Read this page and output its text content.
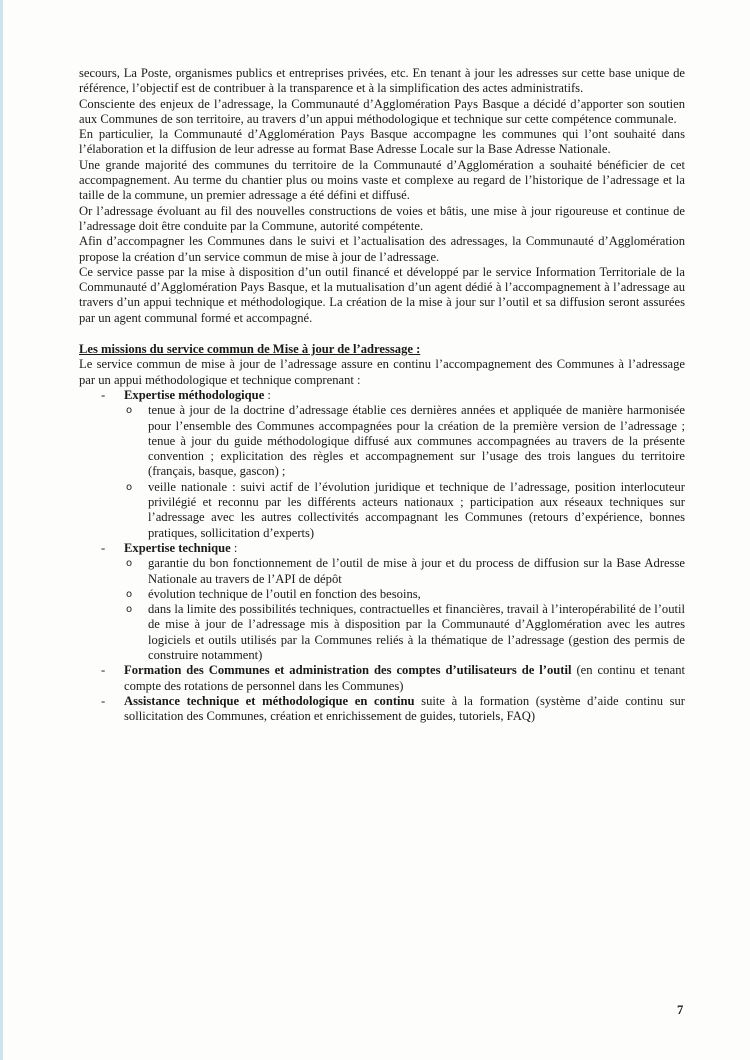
secours, La Poste, organismes publics et entreprises privées, etc. En tenant à jour les adresses sur cette base unique de référence, l’objectif est de contribuer à la transparence et à la simplification des actes administratifs.

Consciente des enjeux de l’adressage, la Communauté d’Agglomération Pays Basque a décidé d’apporter son soutien aux Communes de son territoire, au travers d’un appui méthodologique et technique sur cette compétence communale.

En particulier, la Communauté d’Agglomération Pays Basque accompagne les communes qui l’ont souhaité dans l’élaboration et la diffusion de leur adresse au format Base Adresse Locale sur la Base Adresse Nationale.

Une grande majorité des communes du territoire de la Communauté d’Agglomération a souhaité bénéficier de cet accompagnement. Au terme du chantier plus ou moins vaste et complexe au regard de l’historique de l’adressage et la taille de la commune, un premier adressage a été défini et diffusé.

Or l’adressage évoluant au fil des nouvelles constructions de voies et bâtis, une mise à jour rigoureuse et continue de l’adressage doit être conduite par la Commune, autorité compétente.

Afin d’accompagner les Communes dans le suivi et l’actualisation des adressages, la Communauté d’Agglomération propose la création d’un service commun de mise à jour de l’adressage.

Ce service passe par la mise à disposition d’un outil financé et développé par le service Information Territoriale de la Communauté d’Agglomération Pays Basque, et la mutualisation d’un agent dédié à l’accompagnement à l’adressage au travers d’un appui technique et méthodologique. La création de la mise à jour sur l’outil et sa diffusion seront assurées par un agent communal formé et accompagné.

Les missions du service commun de Mise à jour de l’adressage :

Le service commun de mise à jour de l’adressage assure en continu l’accompagnement des Communes à l’adressage par un appui méthodologique et technique comprenant :

- Expertise méthodologique :
o tenue à jour de la doctrine d’adressage établie ces dernières années et appliquée de manière harmonisée pour l’ensemble des Communes accompagnées pour la création de la première version de l’adressage ; tenue à jour du guide méthodologique diffusé aux communes accompagnées au travers de la présente convention ; explicitation des règles et accompagnement sur l’usage des trois langues du territoire (français, basque, gascon) ;
o veille nationale : suivi actif de l’évolution juridique et technique de l’adressage, position interlocuteur privilégié et reconnu par les différents acteurs nationaux ; participation aux réseaux techniques sur l’adressage avec les autres collectivités accompagnant les Communes (retours d’expérience, bonnes pratiques, sollicitation d’experts)
- Expertise technique :
o garantie du bon fonctionnement de l’outil de mise à jour et du process de diffusion sur la Base Adresse Nationale au travers de l’API de dépôt
o évolution technique de l’outil en fonction des besoins,
o dans la limite des possibilités techniques, contractuelles et financières, travail à l’interopérabilité de l’outil de mise à jour de l’adressage mis à disposition par la Communauté d’Agglomération avec les autres logiciels et outils utilisés par la Communes reliés à la thématique de l’adressage (gestion des permis de construire notamment)
- Formation des Communes et administration des comptes d’utilisateurs de l’outil (en continu et tenant compte des rotations de personnel dans les Communes)
- Assistance technique et méthodologique en continu suite à la formation (système d’aide continu sur sollicitation des Communes, création et enrichissement de guides, tutoriels, FAQ)
7
